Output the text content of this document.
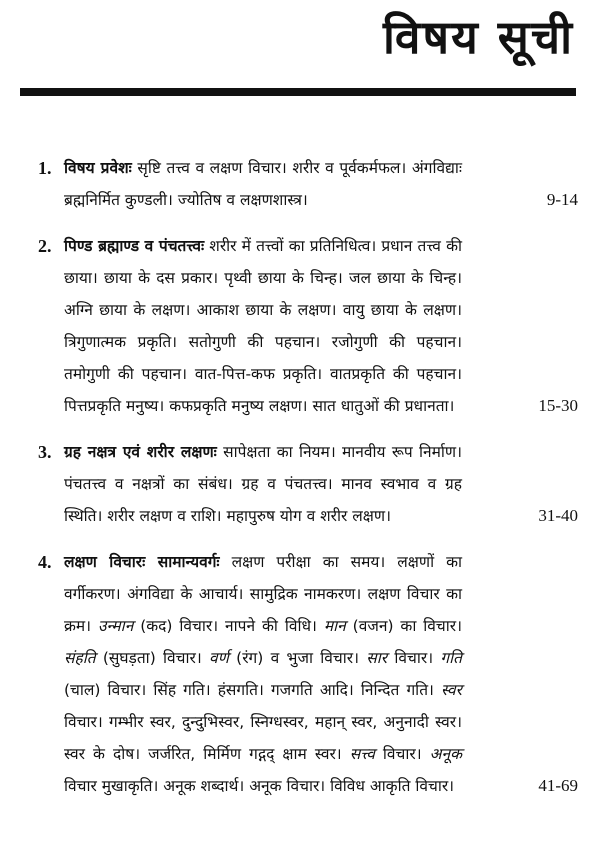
विषय सूची
1. विषय प्रवेशः सृष्टि तत्त्व व लक्षण विचार। शरीर व पूर्वकर्मफल। अंगविद्याः ब्रह्मनिर्मित कुण्डली। ज्योतिष व लक्षणशास्त्र।	9-14
2. पिण्ड ब्रह्माण्ड व पंचतत्त्वः शरीर में तत्त्वों का प्रतिनिधित्व। प्रधान तत्त्व की छाया। छाया के दस प्रकार। पृथ्वी छाया के चिन्ह। जल छाया के चिन्ह। अग्नि छाया के लक्षण। आकाश छाया के लक्षण। वायु छाया के लक्षण। त्रिगुणात्मक प्रकृति। सतोगुणी की पहचान। रजोगुणी की पहचान। तमोगुणी की पहचान। वात-पित्त-कफ प्रकृति। वातप्रकृति की पहचान। पित्तप्रकृति मनुष्य। कफप्रकृति मनुष्य लक्षण। सात धातुओं की प्रधानता।	15-30
3. ग्रह नक्षत्र एवं शरीर लक्षणः सापेक्षता का नियम। मानवीय रूप निर्माण। पंचतत्त्व व नक्षत्रों का संबंध। ग्रह व पंचतत्त्व। मानव स्वभाव व ग्रह स्थिति। शरीर लक्षण व राशि। महापुरुष योग व शरीर लक्षण।	31-40
4. लक्षण विचारः सामान्यवर्गः लक्षण परीक्षा का समय। लक्षणों का वर्गीकरण। अंगविद्या के आचार्य। सामुद्रिक नामकरण। लक्षण विचार का क्रम। उन्मान (कद) विचार। नापने की विधि। मान (वजन) का विचार। संहति (सुघड़ता) विचार। वर्ण (रंग) व भुजा विचार। सार विचार। गति (चाल) विचार। सिंह गति। हंसगति। गजगति आदि। निन्दित गति। स्वर विचार। गम्भीर स्वर, दुन्दुभिस्वर, स्निग्धस्वर, महान् स्वर, अनुनादी स्वर। स्वर के दोष। जर्जरित, मिर्मिण गद्गद् क्षाम स्वर। सत्त्व विचार। अनूक विचार मुखाकृति। अनूक शब्दार्थ। अनूक विचार। विविध आकृति विचार।	41-69
